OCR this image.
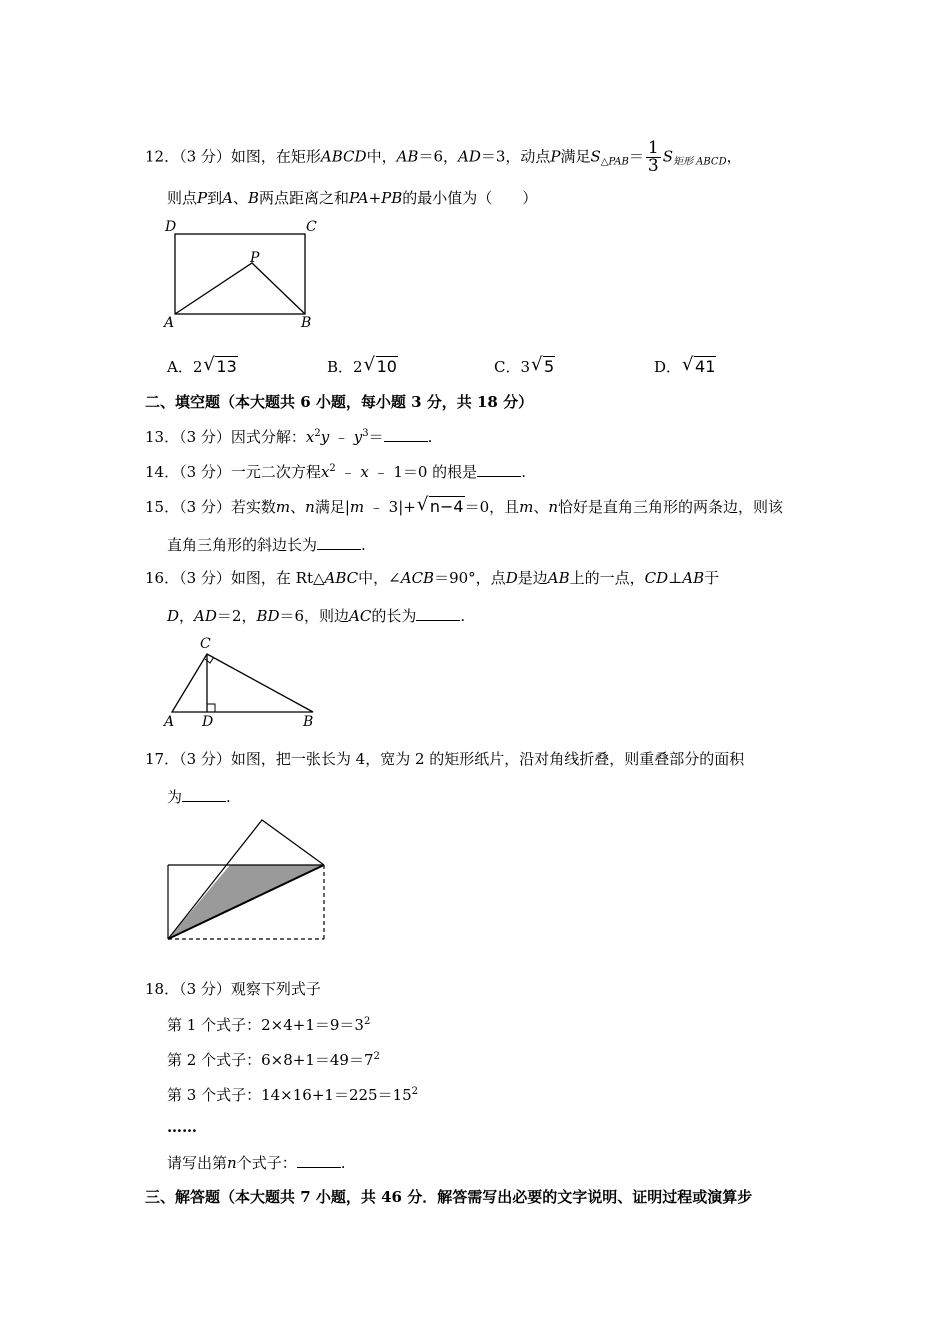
12．（3 分）如图，在矩形ABCD中，AB＝6，AD＝3，动点P满足$S_{\triangle PAB}= \frac{1}{3} S_{矩形 ABCD}$，
则点P到A、B两点距离之和PA+PB的最小值为（　　）
D	C
P
A	B
A．2 √ 13	B．2 √ 10	C．3 √ 5	D． √ 41
二、填空题（本大题共 6 小题，每小题 3 分，共 18 分）
13．（3 分）因式分解：$x^2y$ ﹣ $y^3=$	.
14．（3 分）一元二次方程$x^2$ ﹣ x ﹣ 1＝0 的根是	.
15．（3 分）若实数m、n满足|m ﹣ 3|+ √ n−4＝0，且m、n恰好是直角三角形的两条边，则该
直角三角形的斜边长为	.
16．（3 分）如图，在 Rt△ABC中，∠ACB＝90°，点D是边AB上的一点，CD⊥AB于
D，AD＝2，BD＝6，则边AC的长为	.
C
A D	B
17．（3 分）如图，把一张长为 4，宽为 2 的矩形纸片，沿对角线折叠，则重叠部分的面积
为	.
18．（3 分）观察下列式子
第 1 个式子：$2\times 4+1=9=3^2$
第 2 个式子：$6\times 8+1=49=7^2$
第 3 个式子：$14\times 16+1=225=15^2$
……
请写出第n个式子：	.
三、解答题（本大题共 7 小题，共 46 分．解答需写出必要的文字说明、证明过程或演算步
